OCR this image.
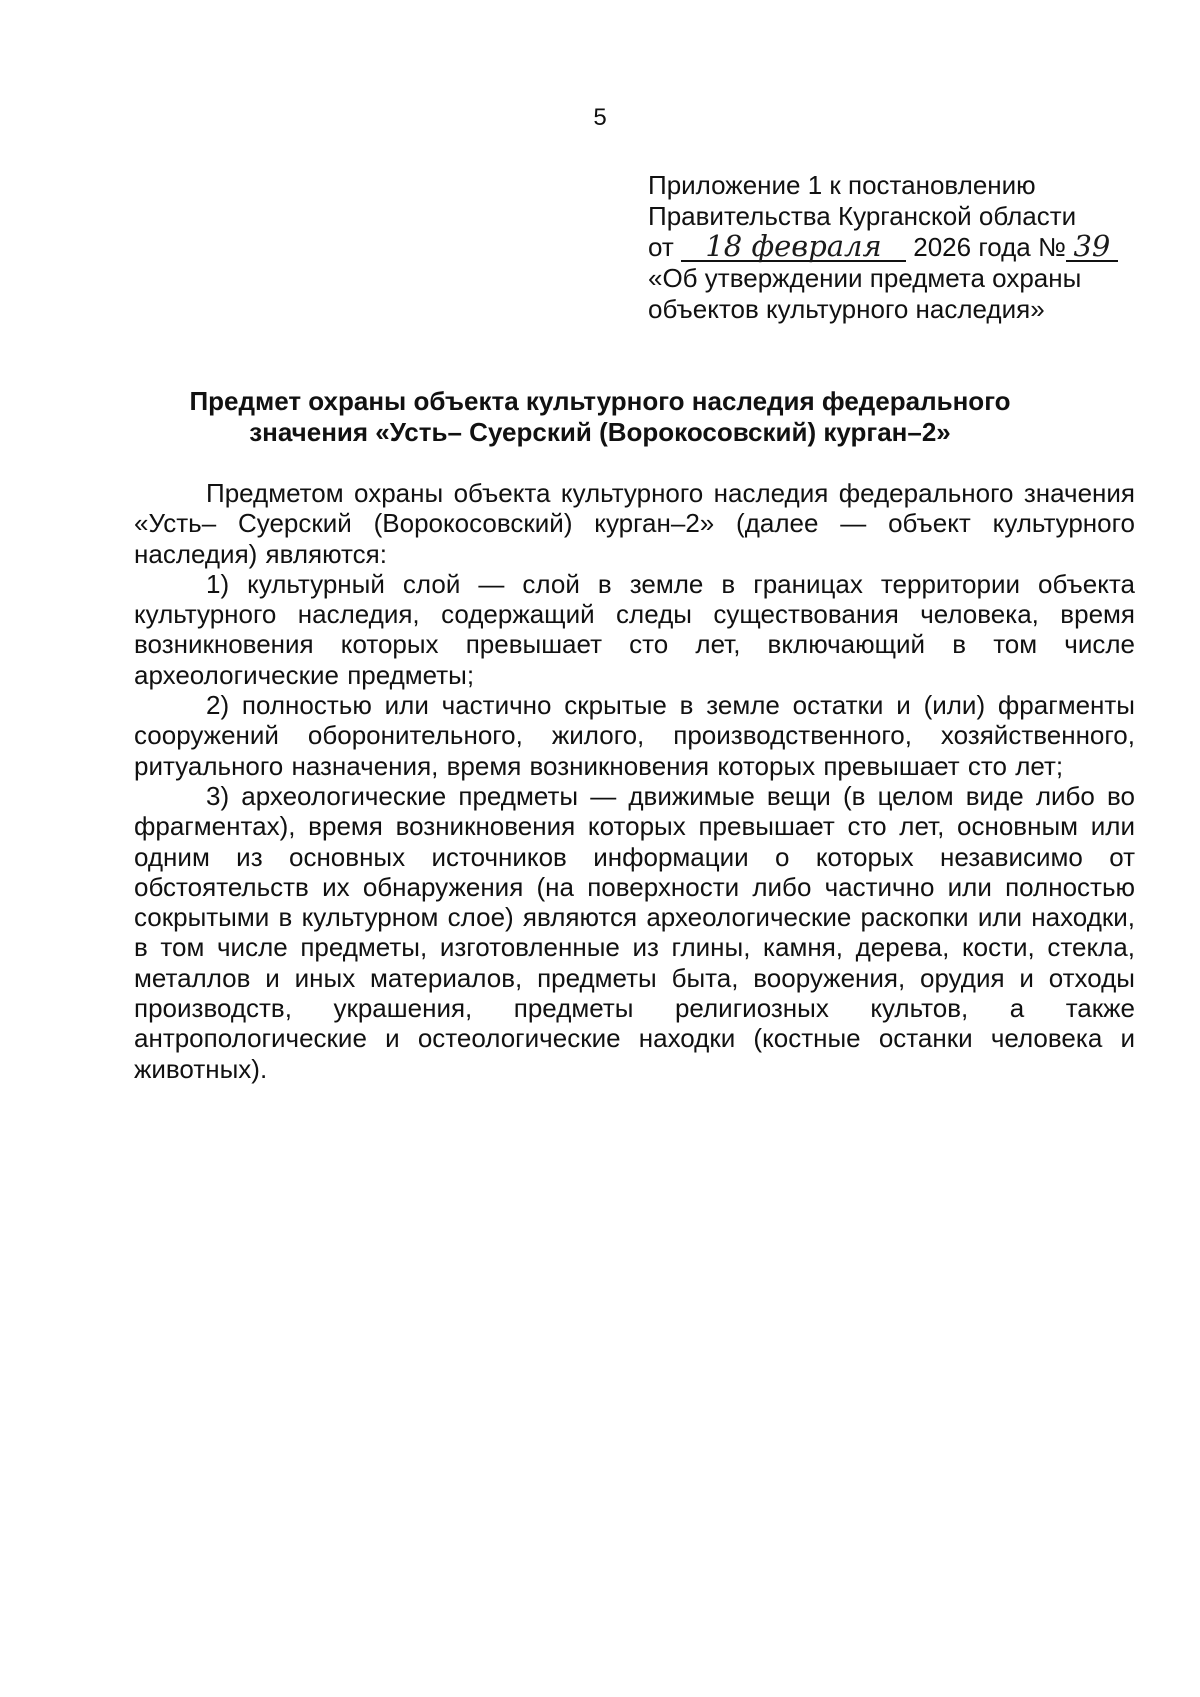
5
Приложение 1 к постановлению
Правительства Курганской области
от 18 февраля 2026 года № 39
«Об утверждении предмета охраны
объектов культурного наследия»
Предмет охраны объекта культурного наследия федерального
значения «Усть– Суерский (Ворокосовский) курган–2»

Предметом охраны объекта культурного наследия федерального значения «Усть– Суерский (Ворокосовский) курган–2» (далее — объект культурного наследия) являются:

1) культурный слой — слой в земле в границах территории объекта культурного наследия, содержащий следы существования человека, время возникновения которых превышает сто лет, включающий в том числе археологические предметы;

2) полностью или частично скрытые в земле остатки и (или) фрагменты сооружений оборонительного, жилого, производственного, хозяйственного, ритуального назначения, время возникновения которых превышает сто лет;

3) археологические предметы — движимые вещи (в целом виде либо во фрагментах), время возникновения которых превышает сто лет, основным или одним из основных источников информации о которых независимо от обстоятельств их обнаружения (на поверхности либо частично или полностью сокрытыми в культурном слое) являются археологические раскопки или находки, в том числе предметы, изготовленные из глины, камня, дерева, кости, стекла, металлов и иных материалов, предметы быта, вооружения, орудия и отходы производств, украшения, предметы религиозных культов, а также антропологические и остеологические находки (костные останки человека и животных).
